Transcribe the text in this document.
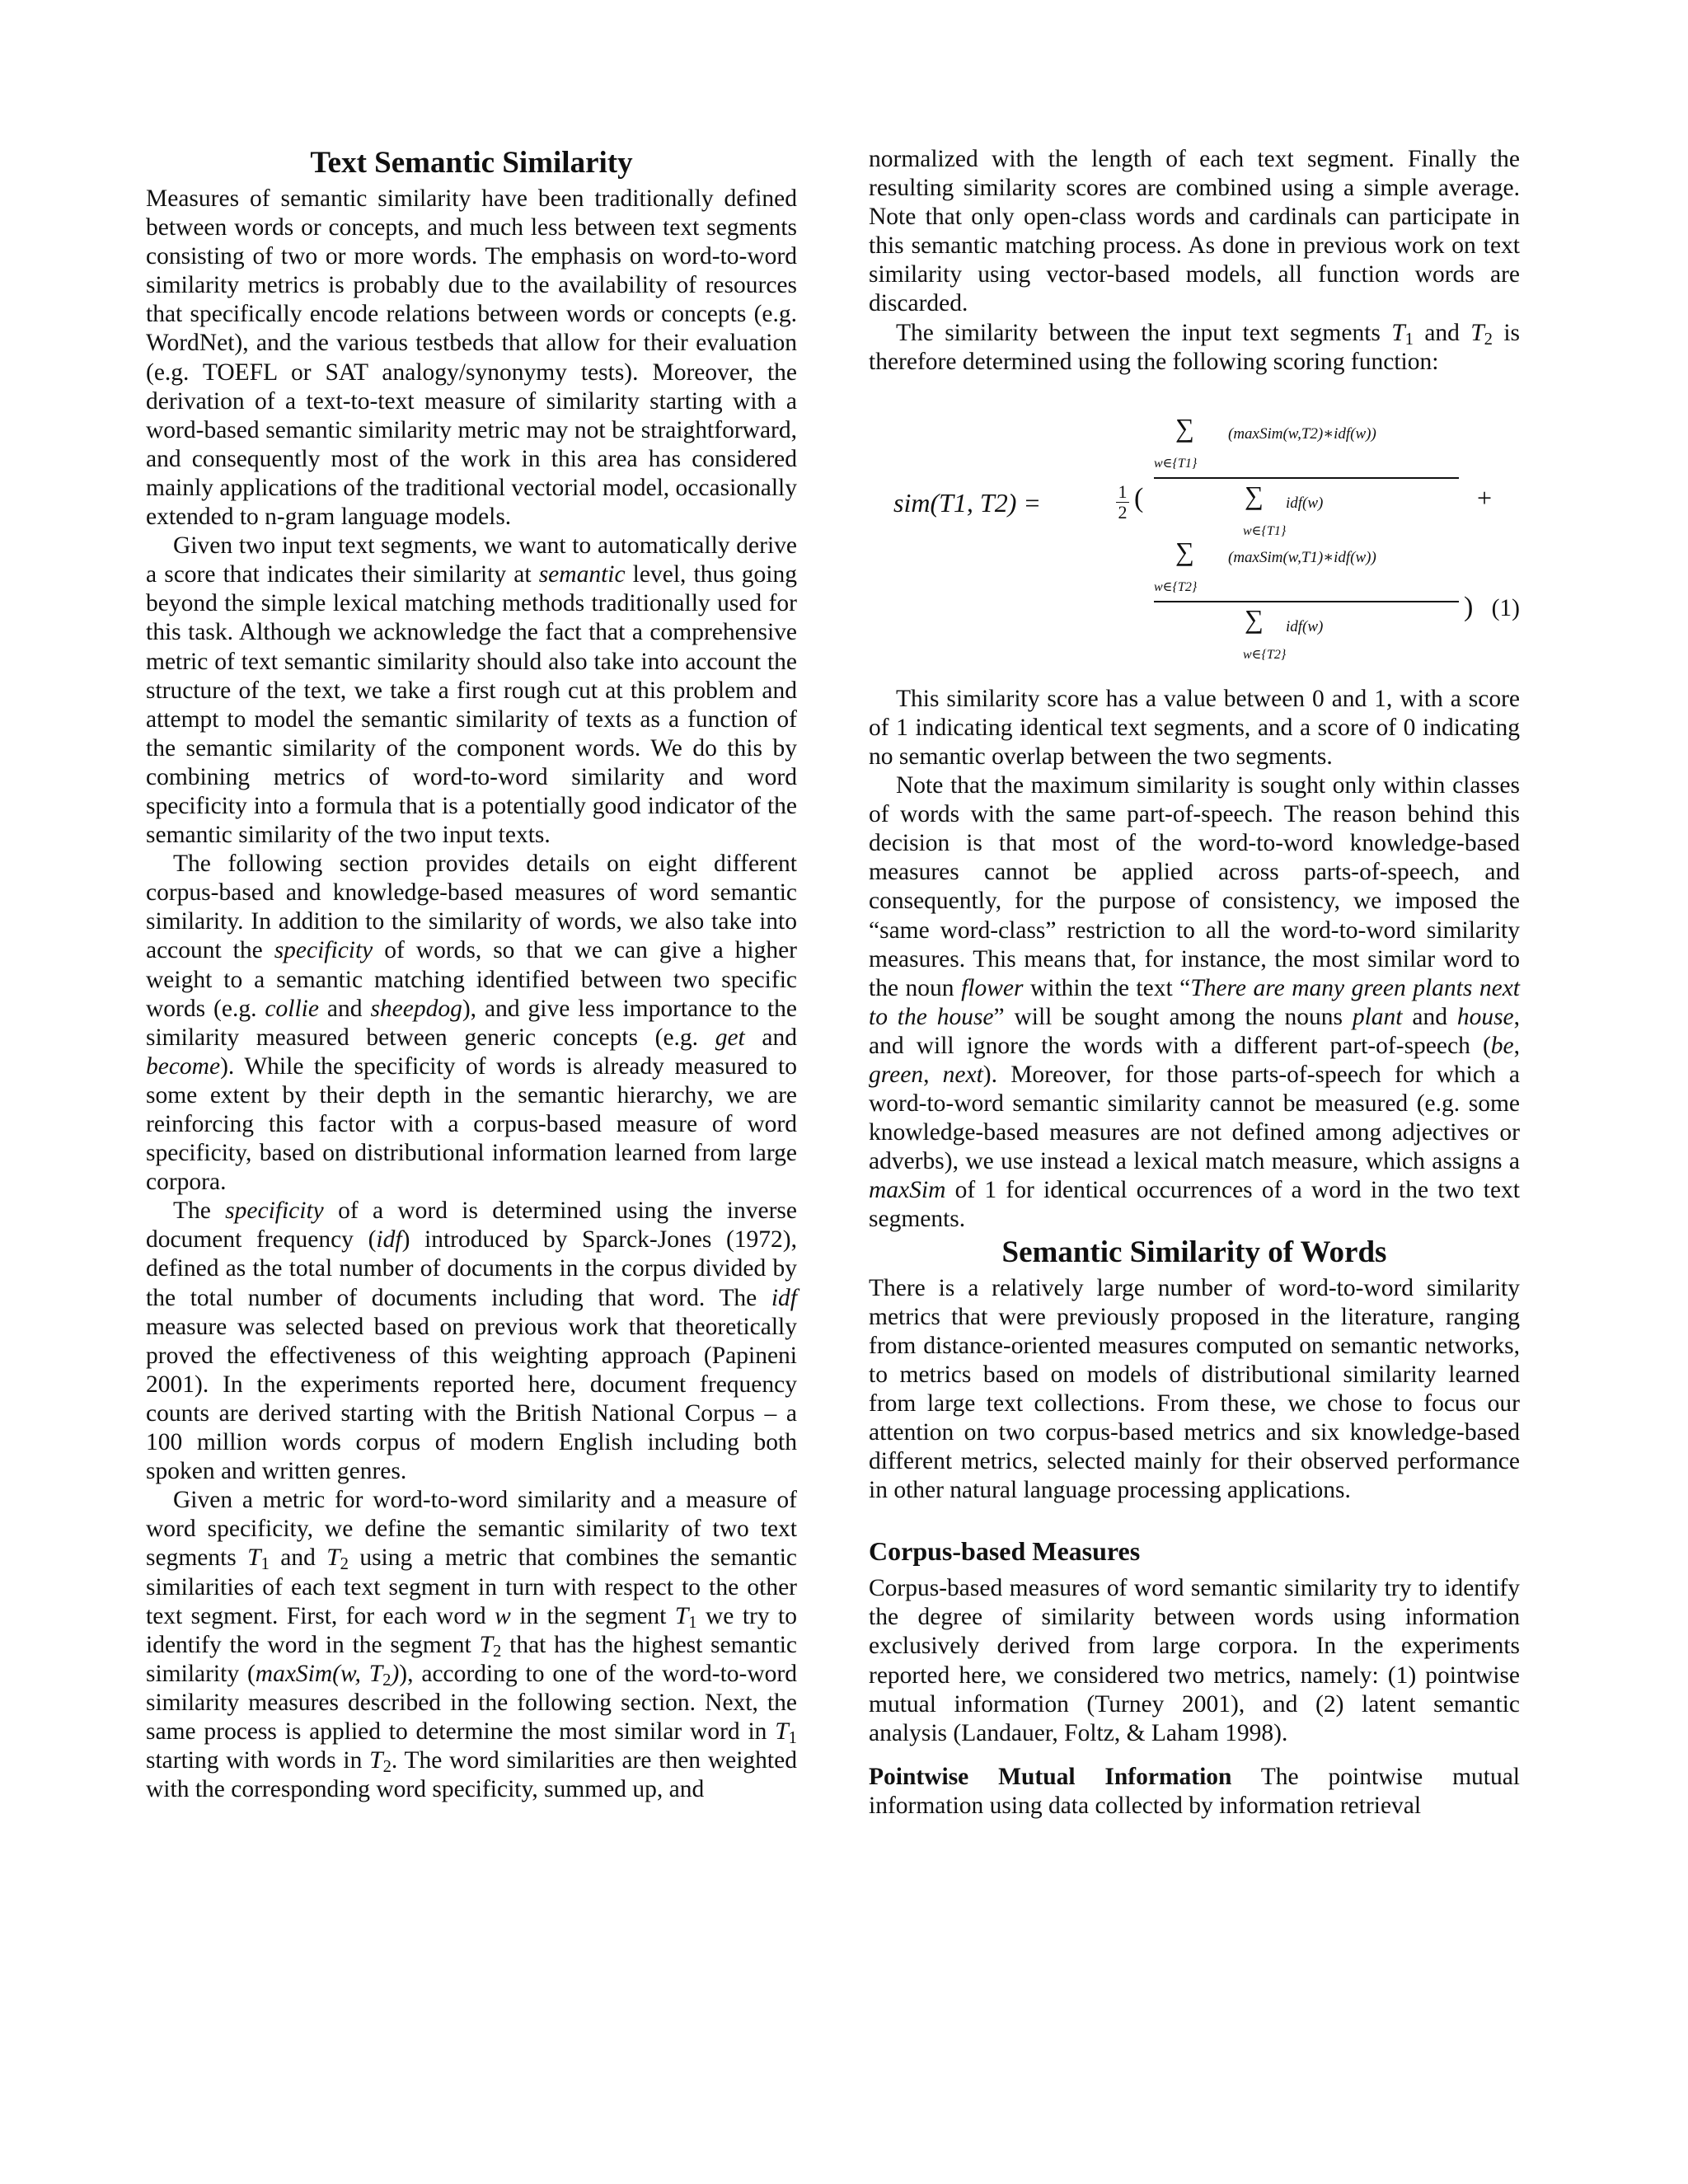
Text Semantic Similarity

Measures of semantic similarity have been traditionally defined between words or concepts, and much less between text segments consisting of two or more words. The emphasis on word-to-word similarity metrics is probably due to the availability of resources that specifically encode relations between words or concepts (e.g. WordNet), and the various testbeds that allow for their evaluation (e.g. TOEFL or SAT analogy/synonymy tests). Moreover, the derivation of a text-to-text measure of similarity starting with a word-based semantic similarity metric may not be straightforward, and consequently most of the work in this area has considered mainly applications of the traditional vectorial model, occasionally extended to n-gram language models.

Given two input text segments, we want to automatically derive a score that indicates their similarity at semantic level, thus going beyond the simple lexical matching methods traditionally used for this task. Although we acknowledge the fact that a comprehensive metric of text semantic similarity should also take into account the structure of the text, we take a first rough cut at this problem and attempt to model the semantic similarity of texts as a function of the semantic similarity of the component words. We do this by combining metrics of word-to-word similarity and word specificity into a formula that is a potentially good indicator of the semantic similarity of the two input texts.

The following section provides details on eight different corpus-based and knowledge-based measures of word semantic similarity. In addition to the similarity of words, we also take into account the specificity of words, so that we can give a higher weight to a semantic matching identified between two specific words (e.g. collie and sheepdog), and give less importance to the similarity measured between generic concepts (e.g. get and become). While the specificity of words is already measured to some extent by their depth in the semantic hierarchy, we are reinforcing this factor with a corpus-based measure of word specificity, based on distributional information learned from large corpora.

The specificity of a word is determined using the inverse document frequency (idf) introduced by Sparck-Jones (1972), defined as the total number of documents in the corpus divided by the total number of documents including that word. The idf measure was selected based on previous work that theoretically proved the effectiveness of this weighting approach (Papineni 2001). In the experiments reported here, document frequency counts are derived starting with the British National Corpus – a 100 million words corpus of modern English including both spoken and written genres.

Given a metric for word-to-word similarity and a measure of word specificity, we define the semantic similarity of two text segments $T_1$ and $T_2$ using a metric that combines the semantic similarities of each text segment in turn with respect to the other text segment. First, for each word w in the segment $T_1$ we try to identify the word in the segment $T_2$ that has the highest semantic similarity (maxSim(w, $T_2$)), according to one of the word-to-word similarity measures described in the following section. Next, the same process is applied to determine the most similar word in $T_1$ starting with words in $T_2$. The word similarities are then weighted with the corresponding word specificity, summed up, and

normalized with the length of each text segment. Finally the resulting similarity scores are combined using a simple average. Note that only open-class words and cardinals can participate in this semantic matching process. As done in previous work on text similarity using vector-based models, all function words are discarded.

The similarity between the input text segments $T_1$ and $T_2$ is therefore determined using the following scoring function:

sim(T1, T2) =	1
2 (
∑ (maxSim(w,T2)∗idf(w))
w∈{T1}
∑ idf(w)
w∈{T1}
+
∑ (maxSim(w,T1)∗idf(w))
w∈{T2}
∑ idf(w)
w∈{T2}
) (1)

This similarity score has a value between 0 and 1, with a score of 1 indicating identical text segments, and a score of 0 indicating no semantic overlap between the two segments.

Note that the maximum similarity is sought only within classes of words with the same part-of-speech. The reason behind this decision is that most of the word-to-word knowledge-based measures cannot be applied across parts-of-speech, and consequently, for the purpose of consistency, we imposed the “same word-class” restriction to all the word-to-word similarity measures. This means that, for instance, the most similar word to the noun flower within the text “There are many green plants next to the house” will be sought among the nouns plant and house, and will ignore the words with a different part-of-speech (be, green, next). Moreover, for those parts-of-speech for which a word-to-word semantic similarity cannot be measured (e.g. some knowledge-based measures are not defined among adjectives or adverbs), we use instead a lexical match measure, which assigns a maxSim of 1 for identical occurrences of a word in the two text segments.

Semantic Similarity of Words

There is a relatively large number of word-to-word similarity metrics that were previously proposed in the literature, ranging from distance-oriented measures computed on semantic networks, to metrics based on models of distributional similarity learned from large text collections. From these, we chose to focus our attention on two corpus-based metrics and six knowledge-based different metrics, selected mainly for their observed performance in other natural language processing applications.

Corpus-based Measures

Corpus-based measures of word semantic similarity try to identify the degree of similarity between words using information exclusively derived from large corpora. In the experiments reported here, we considered two metrics, namely: (1) pointwise mutual information (Turney 2001), and (2) latent semantic analysis (Landauer, Foltz, & Laham 1998).

Pointwise Mutual Information The pointwise mutual information using data collected by information retrieval
